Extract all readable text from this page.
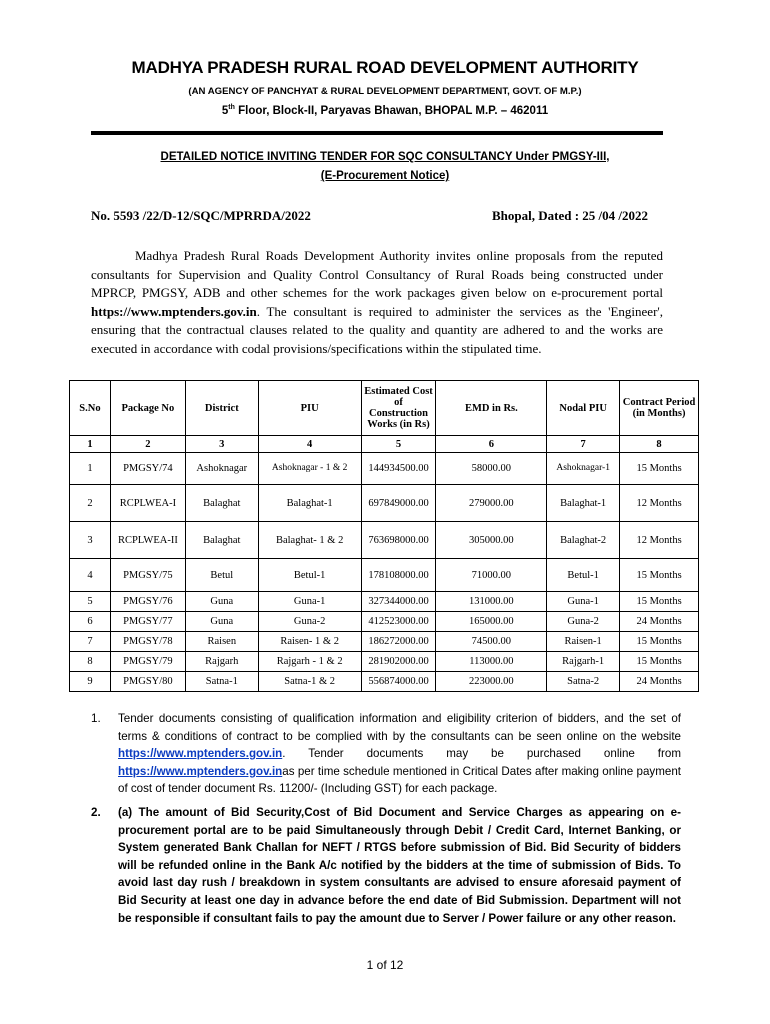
MADHYA PRADESH RURAL ROAD DEVELOPMENT AUTHORITY
(AN AGENCY OF PANCHYAT & RURAL DEVELOPMENT DEPARTMENT, GOVT. OF M.P.)
5th Floor, Block-II, Paryavas Bhawan, BHOPAL M.P. – 462011
DETAILED NOTICE INVITING TENDER FOR SQC CONSULTANCY Under PMGSY-III,
(E-Procurement Notice)
No. 5593 /22/D-12/SQC/MPRRDA/2022	Bhopal, Dated : 25 /04 /2022
Madhya Pradesh Rural Roads Development Authority invites online proposals from the reputed consultants for Supervision and Quality Control Consultancy of Rural Roads being constructed under MPRCP, PMGSY, ADB and other schemes for the work packages given below on e-procurement portal https://www.mptenders.gov.in. The consultant is required to administer the services as the 'Engineer', ensuring that the contractual clauses related to the quality and quantity are adhered to and the works are executed in accordance with codal provisions/specifications within the stipulated time.
S.No	Package No	District	PIU	Estimated Cost of Construction Works (in Rs)	EMD in Rs.	Nodal PIU	Contract Period (in Months)
1	2	3	4	5	6	7	8
1	PMGSY/74	Ashoknagar	Ashoknagar - 1 & 2	144934500.00	58000.00	Ashoknagar-1	15 Months
2	RCPLWEA-I	Balaghat	Balaghat-1	697849000.00	279000.00	Balaghat-1	12 Months
3	RCPLWEA-II	Balaghat	Balaghat- 1 & 2	763698000.00	305000.00	Balaghat-2	12 Months
4	PMGSY/75	Betul	Betul-1	178108000.00	71000.00	Betul-1	15 Months
5	PMGSY/76	Guna	Guna-1	327344000.00	131000.00	Guna-1	15 Months
6	PMGSY/77	Guna	Guna-2	412523000.00	165000.00	Guna-2	24 Months
7	PMGSY/78	Raisen	Raisen- 1 & 2	186272000.00	74500.00	Raisen-1	15 Months
8	PMGSY/79	Rajgarh	Rajgarh - 1 & 2	281902000.00	113000.00	Rajgarh-1	15 Months
9	PMGSY/80	Satna-1	Satna-1 & 2	556874000.00	223000.00	Satna-2	24 Months
1. Tender documents consisting of qualification information and eligibility criterion of bidders, and the set of terms & conditions of contract to be complied with by the consultants can be seen online on the website https://www.mptenders.gov.in. Tender documents may be purchased online from https://www.mptenders.gov.inas per time schedule mentioned in Critical Dates after making online payment of cost of tender document Rs. 11200/- (Including GST) for each package.
2. (a) The amount of Bid Security,Cost of Bid Document and Service Charges as appearing on e-procurement portal are to be paid Simultaneously through Debit / Credit Card, Internet Banking, or System generated Bank Challan for NEFT / RTGS before submission of Bid. Bid Security of bidders will be refunded online in the Bank A/c notified by the bidders at the time of submission of Bids. To avoid last day rush / breakdown in system consultants are advised to ensure aforesaid payment of Bid Security at least one day in advance before the end date of Bid Submission. Department will not be responsible if consultant fails to pay the amount due to Server / Power failure or any other reason.
1 of 12
